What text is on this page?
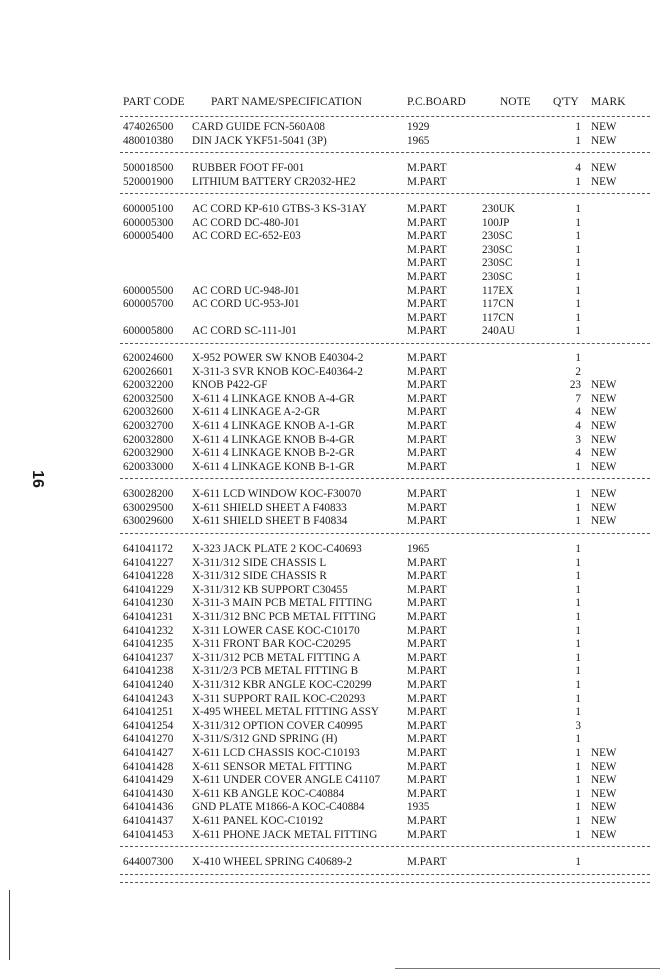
16
PART CODE PART NAME/SPECIFICATION	P.C.BOARD	NOTE Q'TY MARK
474026500 CARD GUIDE FCN-560A08	1929	1 NEW
480010380 DIN JACK YKF51-5041 (3P)	1965	1 NEW
500018500 RUBBER FOOT FF-001	M.PART	4 NEW
520001900 LITHIUM BATTERY CR2032-HE2	M.PART	1 NEW
600005100 AC CORD KP-610 GTBS-3 KS-31AY	M.PART	230UK	1
600005300 AC CORD DC-480-J01	M.PART	100JP	1
600005400 AC CORD EC-652-E03	M.PART	230SC	1
M.PART	230SC	1
M.PART	230SC	1
M.PART	230SC	1
600005500 AC CORD UC-948-J01	M.PART	117EX	1
600005700 AC CORD UC-953-J01	M.PART	117CN	1
M.PART	117CN	1
600005800 AC CORD SC-111-J01	M.PART	240AU	1
620024600 X-952 POWER SW KNOB E40304-2	M.PART	1
620026601 X-311-3 SVR KNOB KOC-E40364-2	M.PART	2
620032200 KNOB P422-GF	M.PART	23 NEW
620032500 X-611 4 LINKAGE KNOB A-4-GR	M.PART	7 NEW
620032600 X-611 4 LINKAGE A-2-GR	M.PART	4 NEW
620032700 X-611 4 LINKAGE KNOB A-1-GR	M.PART	4 NEW
620032800 X-611 4 LINKAGE KNOB B-4-GR	M.PART	3 NEW
620032900 X-611 4 LINKAGE KNOB B-2-GR	M.PART	4 NEW
620033000 X-611 4 LINKAGE KONB B-1-GR	M.PART	1 NEW
630028200 X-611 LCD WINDOW KOC-F30070	M.PART	1 NEW
630029500 X-611 SHIELD SHEET A F40833	M.PART	1 NEW
630029600 X-611 SHIELD SHEET B F40834	M.PART	1 NEW
641041172 X-323 JACK PLATE 2 KOC-C40693	1965	1
641041227 X-311/312 SIDE CHASSIS L	M.PART	1
641041228 X-311/312 SIDE CHASSIS R	M.PART	1
641041229 X-311/312 KB SUPPORT C30455	M.PART	1
641041230 X-311-3 MAIN PCB METAL FITTING	M.PART	1
641041231 X-311/312 BNC PCB METAL FITTING	M.PART	1
641041232 X-311 LOWER CASE KOC-C10170	M.PART	1
641041235 X-311 FRONT BAR KOC-C20295	M.PART	1
641041237 X-311/312 PCB METAL FITTING A	M.PART	1
641041238 X-311/2/3 PCB METAL FITTING B	M.PART	1
641041240 X-311/312 KBR ANGLE KOC-C20299	M.PART	1
641041243 X-311 SUPPORT RAIL KOC-C20293	M.PART	1
641041251 X-495 WHEEL METAL FITTING ASSY	M.PART	1
641041254 X-311/312 OPTION COVER C40995	M.PART	3
641041270 X-311/S/312 GND SPRING (H)	M.PART	1
641041427 X-611 LCD CHASSIS KOC-C10193	M.PART	1 NEW
641041428 X-611 SENSOR METAL FITTING	M.PART	1 NEW
641041429 X-611 UNDER COVER ANGLE C41107 M.PART	1 NEW
641041430 X-611 KB ANGLE KOC-C40884	M.PART	1 NEW
641041436 GND PLATE M1866-A KOC-C40884	1935	1 NEW
641041437 X-611 PANEL KOC-C10192	M.PART	1 NEW
641041453 X-611 PHONE JACK METAL FITTING	M.PART	1 NEW
644007300 X-410 WHEEL SPRING C40689-2	M.PART	1
